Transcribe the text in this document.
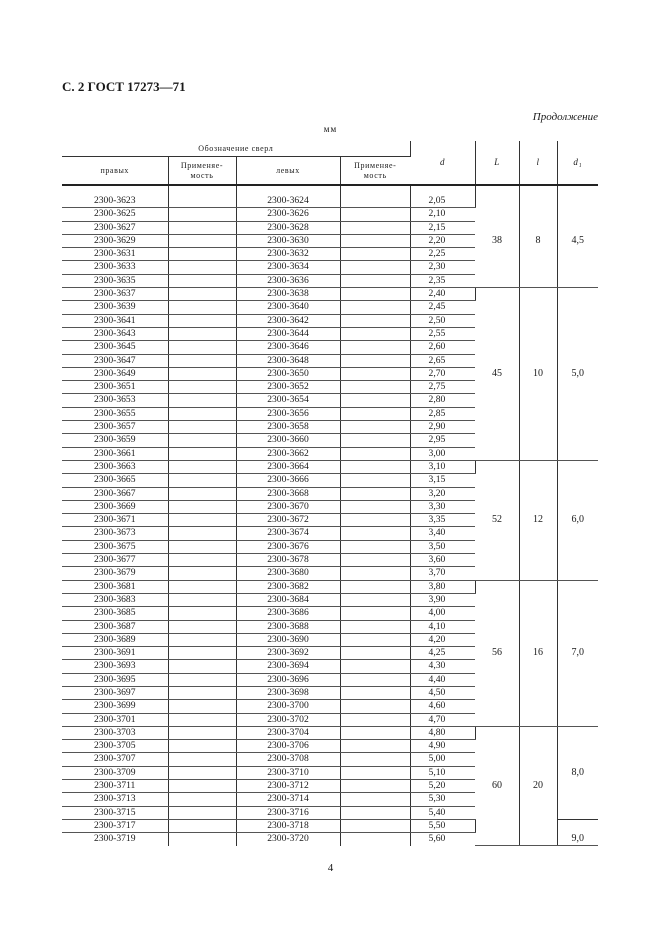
С. 2 ГОСТ 17273—71
Продолжение
мм
Обозначение сверл				d	L	l	d₁
правых	Применяе-
мость	левых	Применяе-
мость				

2300-3623		2300-3624		2,05	38	8	4,5
2300-3625		2300-3626		2,10			
2300-3627		2300-3628		2,15			
2300-3629		2300-3630		2,20			
2300-3631		2300-3632		2,25			
2300-3633		2300-3634		2,30			
2300-3635		2300-3636		2,35			
2300-3637		2300-3638		2,40	45	10	5,0
2300-3639		2300-3640		2,45			
2300-3641		2300-3642		2,50			
2300-3643		2300-3644		2,55			
2300-3645		2300-3646		2,60			
2300-3647		2300-3648		2,65			
2300-3649		2300-3650		2,70			
2300-3651		2300-3652		2,75			
2300-3653		2300-3654		2,80			
2300-3655		2300-3656		2,85			
2300-3657		2300-3658		2,90			
2300-3659		2300-3660		2,95			
2300-3661		2300-3662		3,00			
2300-3663		2300-3664		3,10	52	12	6,0
2300-3665		2300-3666		3,15			
2300-3667		2300-3668		3,20			
2300-3669		2300-3670		3,30			
2300-3671		2300-3672		3,35			
2300-3673		2300-3674		3,40			
2300-3675		2300-3676		3,50			
2300-3677		2300-3678		3,60			
2300-3679		2300-3680		3,70			
2300-3681		2300-3682		3,80	56	16	7,0
2300-3683		2300-3684		3,90			
2300-3685		2300-3686		4,00			
2300-3687		2300-3688		4,10			
2300-3689		2300-3690		4,20			
2300-3691		2300-3692		4,25			
2300-3693		2300-3694		4,30			
2300-3695		2300-3696		4,40			
2300-3697		2300-3698		4,50			
2300-3699		2300-3700		4,60			
2300-3701		2300-3702		4,70			
2300-3703		2300-3704		4,80	60	20	8,0
2300-3705		2300-3706		4,90			
2300-3707		2300-3708		5,00			
2300-3709		2300-3710		5,10			
2300-3711		2300-3712		5,20			
2300-3713		2300-3714		5,30			
2300-3715		2300-3716		5,40			
2300-3717		2300-3718		5,50			9,0
2300-3719		2300-3720		5,60			
4
